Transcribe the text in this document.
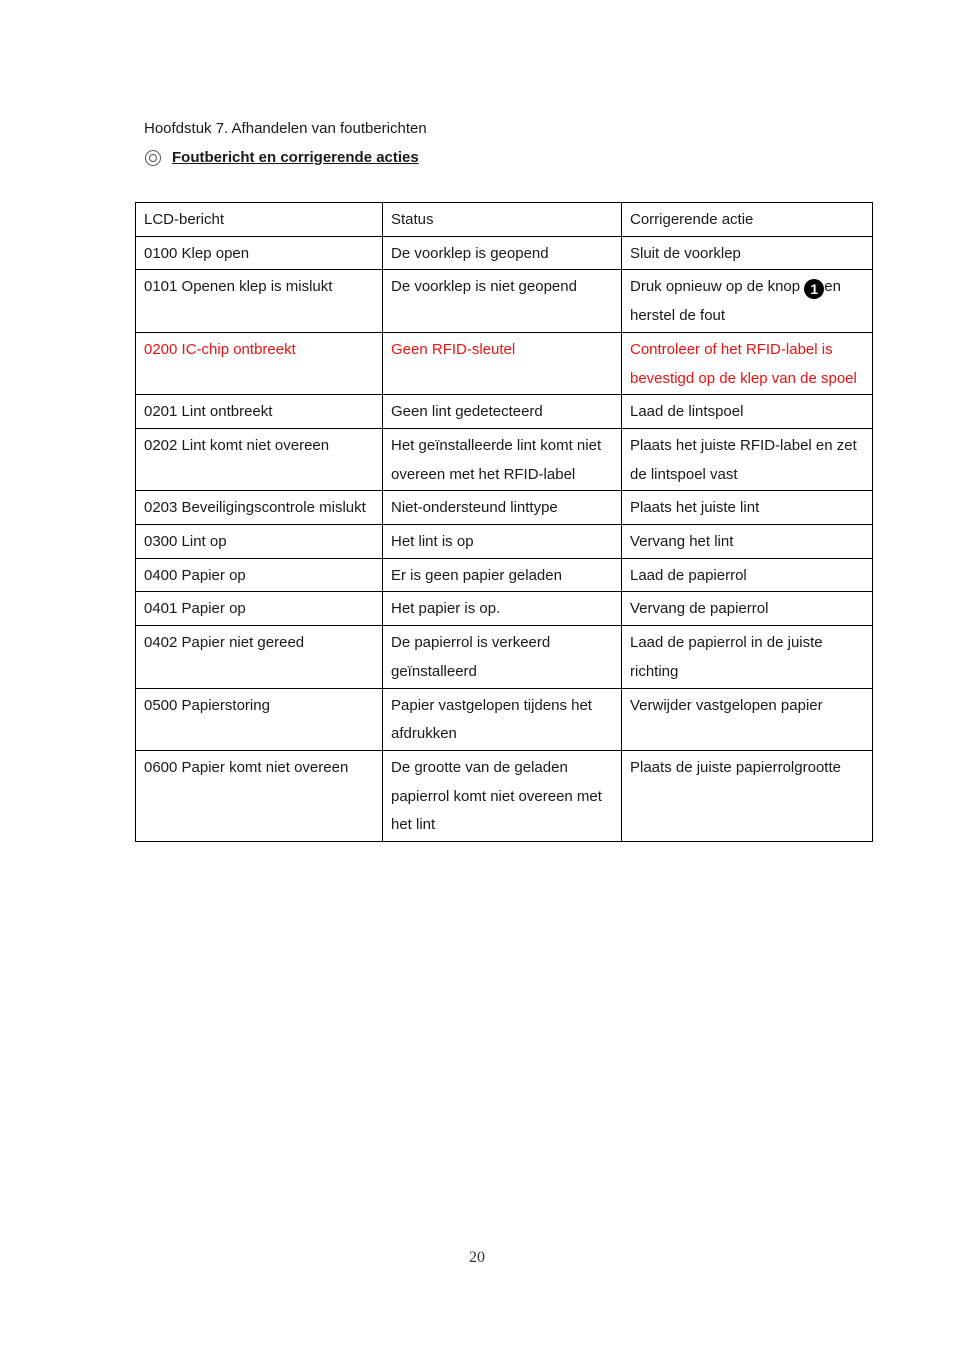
Hoofdstuk 7. Afhandelen van foutberichten
Foutbericht en corrigerende acties
LCD-bericht	Status	Corrigerende actie
0100 Klep open	De voorklep is geopend	Sluit de voorklep
0101 Openen klep is mislukt	De voorklep is niet geopend	Druk opnieuw op de knop 1 en herstel de fout
0200 IC-chip ontbreekt	Geen RFID-sleutel	Controleer of het RFID-label is bevestigd op de klep van de spoel
0201 Lint ontbreekt	Geen lint gedetecteerd	Laad de lintspoel
0202 Lint komt niet overeen	Het geïnstalleerde lint komt niet overeen met het RFID-label	Plaats het juiste RFID-label en zet de lintspoel vast
0203 Beveiligingscontrole mislukt	Niet-ondersteund linttype	Plaats het juiste lint
0300 Lint op	Het lint is op	Vervang het lint
0400 Papier op	Er is geen papier geladen	Laad de papierrol
0401 Papier op	Het papier is op.	Vervang de papierrol
0402 Papier niet gereed	De papierrol is verkeerd geïnstalleerd	Laad de papierrol in de juiste richting
0500 Papierstoring	Papier vastgelopen tijdens het afdrukken	Verwijder vastgelopen papier
0600 Papier komt niet overeen	De grootte van de geladen papierrol komt niet overeen met het lint	Plaats de juiste papierrolgrootte
20
